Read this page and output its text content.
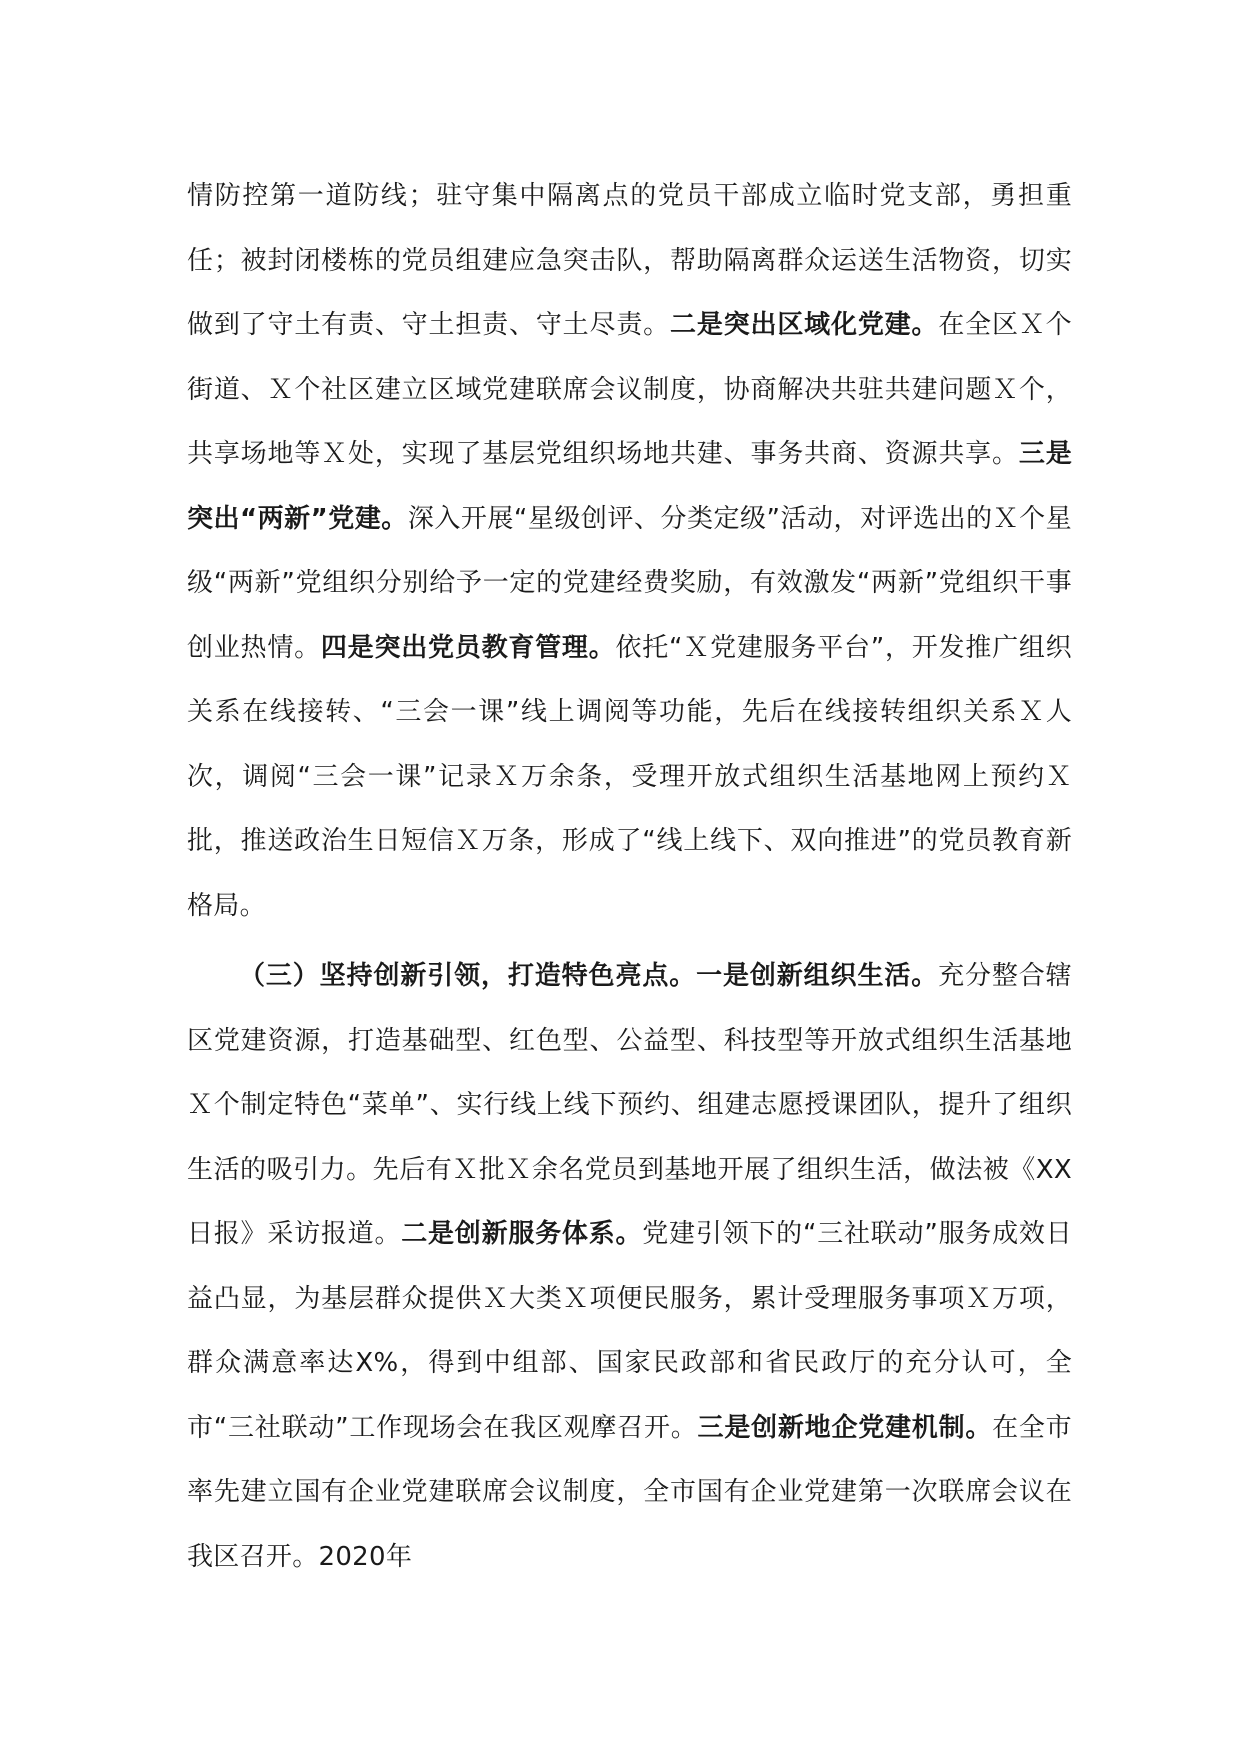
情防控第一道防线；驻守集中隔离点的党员干部成立临时党支部，勇担重任；被封闭楼栋的党员组建应急突击队，帮助隔离群众运送生活物资，切实做到了守土有责、守土担责、守土尽责。二是突出区域化党建。在全区Ｘ个街道、Ｘ个社区建立区域党建联席会议制度，协商解决共驻共建问题Ｘ个，共享场地等Ｘ处，实现了基层党组织场地共建、事务共商、资源共享。三是突出“两新”党建。深入开展“星级创评、分类定级”活动，对评选出的Ｘ个星级“两新”党组织分别给予一定的党建经费奖励，有效激发“两新”党组织干事创业热情。四是突出党员教育管理。依托“Ｘ党建服务平台”，开发推广组织关系在线接转、“三会一课”线上调阅等功能，先后在线接转组织关系Ｘ人次，调阅“三会一课”记录Ｘ万余条，受理开放式组织生活基地网上预约Ｘ批，推送政治生日短信Ｘ万条，形成了“线上线下、双向推进”的党员教育新格局。

（三）坚持创新引领，打造特色亮点。一是创新组织生活。充分整合辖区党建资源，打造基础型、红色型、公益型、科技型等开放式组织生活基地Ｘ个制定特色“菜单”、实行线上线下预约、组建志愿授课团队，提升了组织生活的吸引力。先后有Ｘ批Ｘ余名党员到基地开展了组织生活，做法被《XX日报》采访报道。二是创新服务体系。党建引领下的“三社联动”服务成效日益凸显，为基层群众提供Ｘ大类Ｘ项便民服务，累计受理服务事项Ｘ万项，群众满意率达X%，得到中组部、国家民政部和省民政厅的充分认可，全市“三社联动”工作现场会在我区观摩召开。三是创新地企党建机制。在全市率先建立国有企业党建联席会议制度，全市国有企业党建第一次联席会议在我区召开。2020年
